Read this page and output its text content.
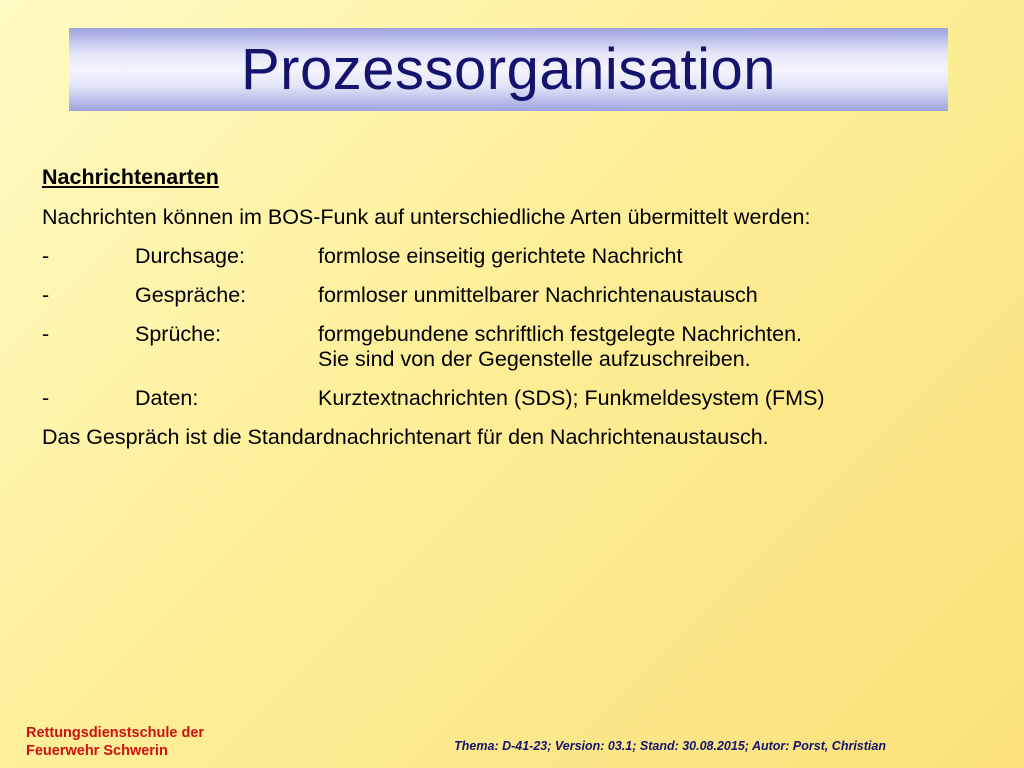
Prozessorganisation
Nachrichtenarten
Nachrichten können im BOS-Funk auf unterschiedliche Arten übermittelt werden:
-	Durchsage:	formlose einseitig gerichtete Nachricht
-	Gespräche:	formloser unmittelbarer Nachrichtenaustausch
-	Sprüche:	formgebundene schriftlich festgelegte Nachrichten.
Sie sind von der Gegenstelle aufzuschreiben.
-	Daten:	Kurztextnachrichten (SDS); Funkmeldesystem (FMS)
Das Gespräch ist die Standardnachrichtenart für den Nachrichtenaustausch.
Rettungsdienstschule der
Feuerwehr Schwerin	Thema: D-41-23; Version: 03.1; Stand: 30.08.2015; Autor: Porst, Christian
